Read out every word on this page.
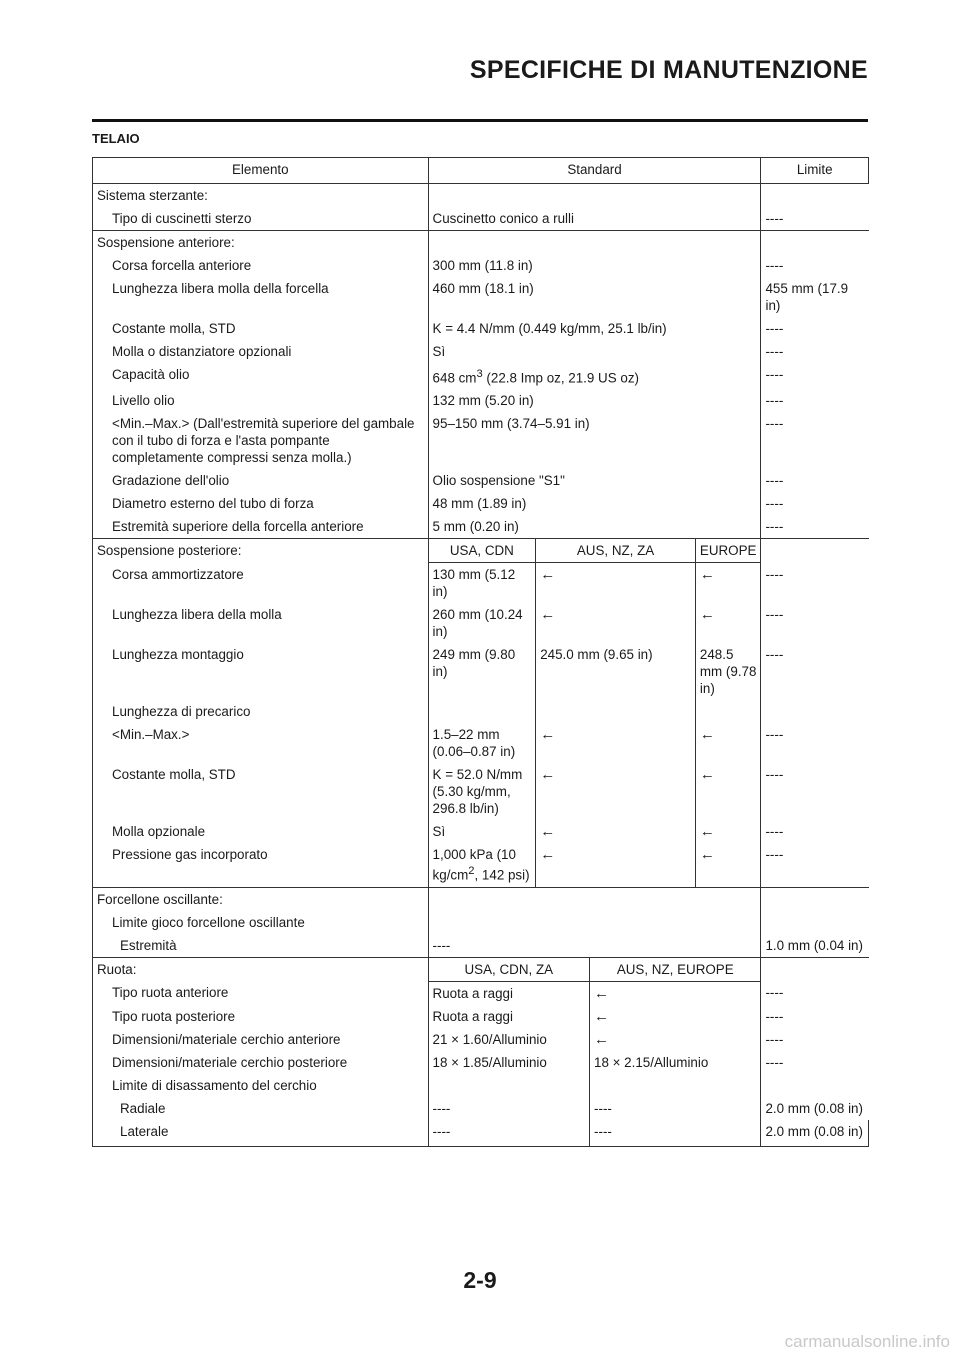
SPECIFICHE DI MANUTENZIONE
TELAIO
Elemento	Standard				Limite
Sistema sterzante:					
Tipo di cuscinetti sterzo	Cuscinetto conico a rulli				----
Sospensione anteriore:					
Corsa forcella anteriore	300 mm (11.8 in)				----
Lunghezza libera molla della forcella	460 mm (18.1 in)				455 mm (17.9 in)
Costante molla, STD	K = 4.4 N/mm (0.449 kg/mm, 25.1 lb/in)				----
Molla o distanziatore opzionali	Sì				----
Capacità olio	648 $cm^3$ (22.8 Imp oz, 21.9 US oz)				----
Livello olio	132 mm (5.20 in)				----
<Min.–Max.> (Dall'estremità superiore del gambale con il tubo di forza e l'asta pompante completamente compressi senza molla.)	95–150 mm (3.74–5.91 in)				----
Gradazione dell'olio	Olio sospensione "S1"				----
Diametro esterno del tubo di forza	48 mm (1.89 in)				----
Estremità superiore della forcella anteriore	5 mm (0.20 in)				----
Sospensione posteriore:	USA, CDN	AUS, NZ, ZA		EUROPE	
Corsa ammortizzatore	130 mm (5.12 in)	←		←	----
Lunghezza libera della molla	260 mm (10.24 in)	←		←	----
Lunghezza montaggio	249 mm (9.80 in)	245.0 mm (9.65 in)		248.5 mm (9.78 in)	----
Lunghezza di precarico					
<Min.–Max.>	1.5–22 mm (0.06–0.87 in)	←		←	----
Costante molla, STD	K = 52.0 N/mm (5.30 kg/mm, 296.8 lb/in)	←		←	----
Molla opzionale	Sì	←		←	----
Pressione gas incorporato	1,000 kPa (10 $kg/cm^2$, 142 psi)	←		←	----
Forcellone oscillante:					
Limite gioco forcellone oscillante					
Estremità	----				1.0 mm (0.04 in)
Ruota:	USA, CDN, ZA		AUS, NZ, EUROPE		
Tipo ruota anteriore	Ruota a raggi		←		----
Tipo ruota posteriore	Ruota a raggi		←		----
Dimensioni/materiale cerchio anteriore	21 × 1.60/Alluminio		←		----
Dimensioni/materiale cerchio posteriore	18 × 1.85/Alluminio		18 × 2.15/Alluminio		----
Limite di disassamento del cerchio					
Radiale	----		----		2.0 mm (0.08 in)
Laterale	----		----		2.0 mm (0.08 in)
2-9
carmanualsonline.info
